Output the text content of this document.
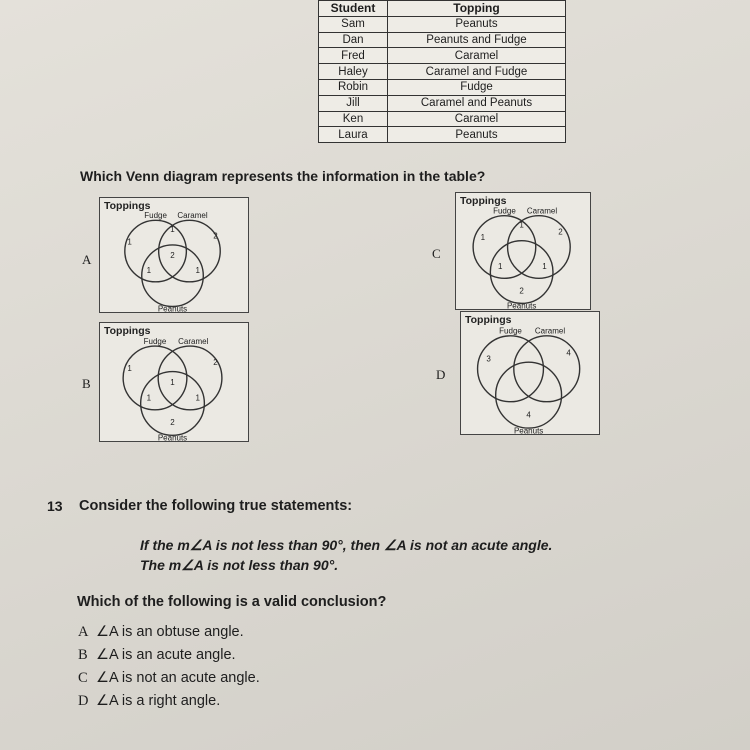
Student	Topping
Sam	Peanuts
Dan	Peanuts and Fudge
Fred	Caramel
Haley	Caramel and Fudge
Robin	Fudge
Jill	Caramel and Peanuts
Ken	Caramel
Laura	Peanuts
Which Venn diagram represents the information in the table?
Toppings
Fudge Caramel
Peanuts
1
2
1
1	1
2
A
Toppings
Fudge Caramel
Peanuts
1
2
2
1	1
1
B
Toppings
Fudge Caramel
Peanuts
1
2
2
1
1	1
C
Toppings
Fudge Caramel
Peanuts
3
4
4
D
13 Consider the following true statements:
If the m∠A is not less than 90°, then ∠A is not an acute angle.
The m∠A is not less than 90°.
Which of the following is a valid conclusion?
A ∠A is an obtuse angle.
B ∠A is an acute angle.
C ∠A is not an acute angle.
D ∠A is a right angle.
